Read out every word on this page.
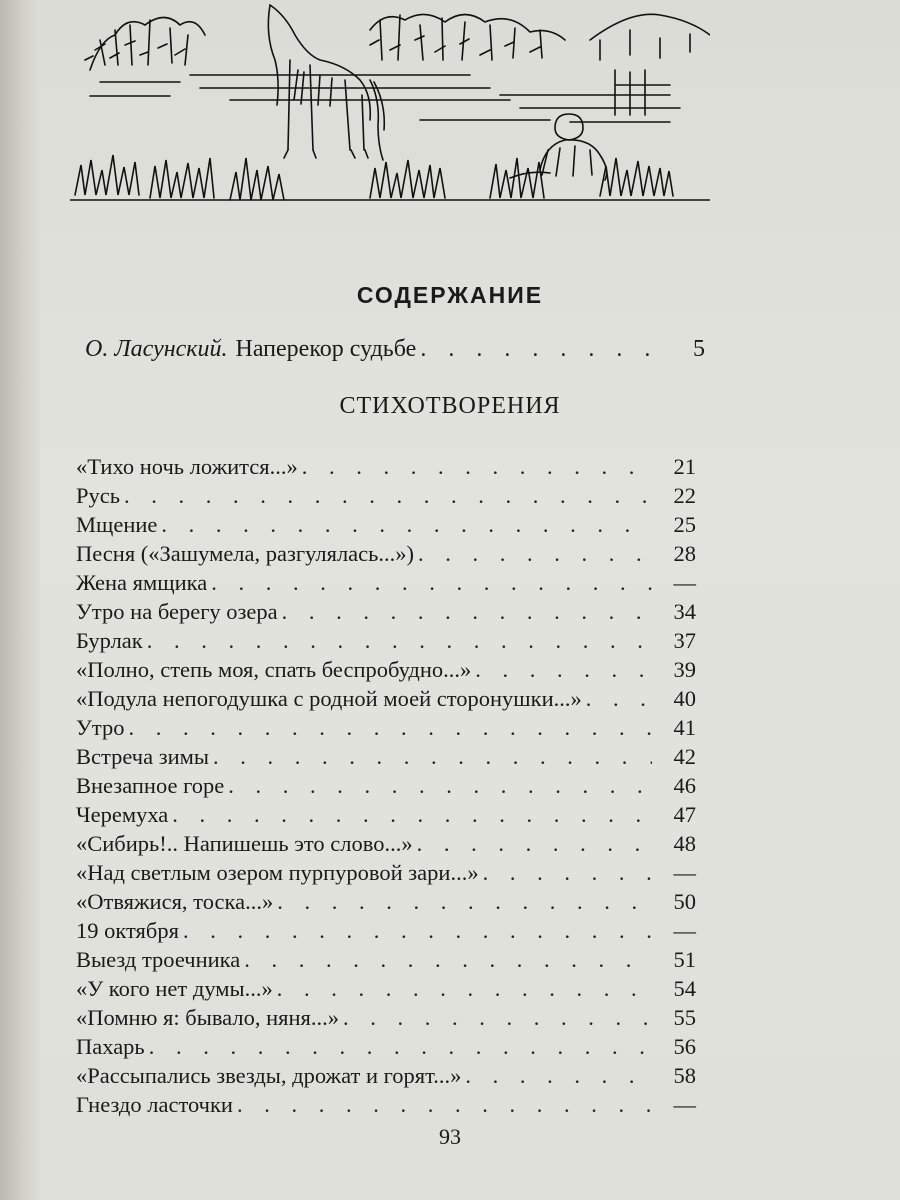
СОДЕРЖАНИЕ
О. Ласунский. Наперекор судьбе . . .	5
СТИХОТВОРЕНИЯ
«Тихо ночь ложится...» . . .	21
Русь . . .	22
Мщение . . .	25
Песня («Зашумела, разгулялась...») . . .	28
Жена ямщика . . .	—
Утро на берегу озера . . .	34
Бурлак . . .	37
«Полно, степь моя, спать беспробудно...» . . .	39
«Подула непогодушка с родной моей сторонушки...» . . .	40
Утро . . .	41
Встреча зимы . . .	42
Внезапное горе . . .	46
Черемуха . . .	47
«Сибирь!.. Напишешь это слово...» . . .	48
«Над светлым озером пурпуровой зари...» . . .	—
«Отвяжися, тоска...» . . .	50
19 октября . . .	—
Выезд троечника . . .	51
«У кого нет думы...» . . .	54
«Помню я: бывало, няня...» . . .	55
Пахарь . . .	56
«Рассыпались звезды, дрожат и горят...» . . .	58
Гнездо ласточки . . .	—
93
